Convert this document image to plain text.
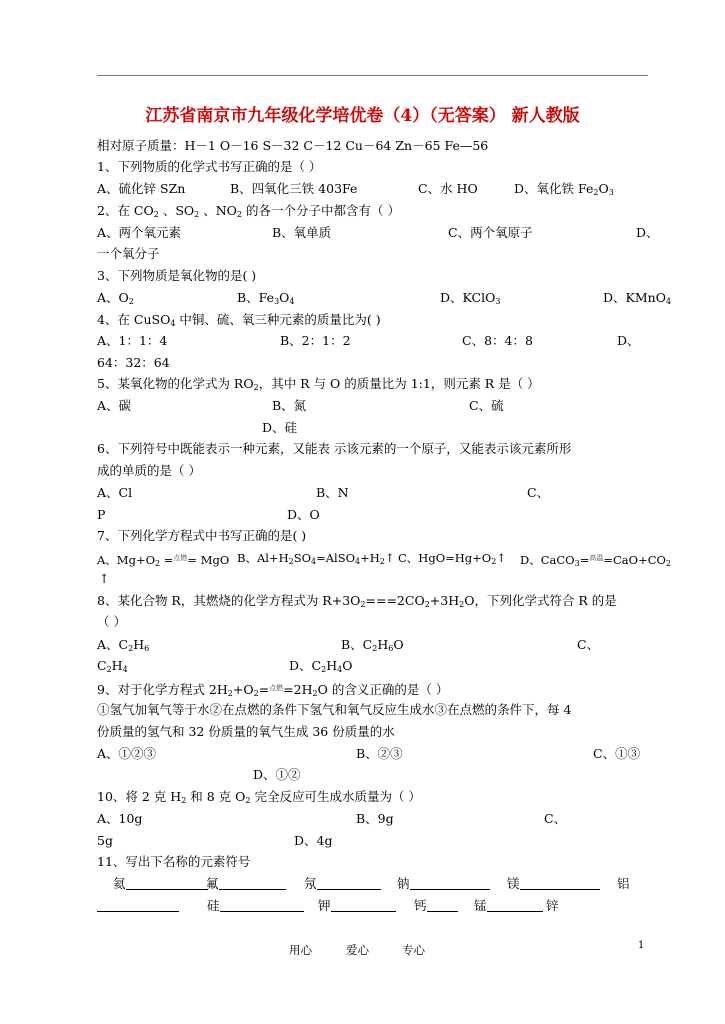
江苏省南京市九年级化学培优卷（4）（无答案） 新人教版
相对原子质量：H－1 O－16 S－32 C－12 Cu－64 Zn－65 Fe—56
1、下列物质的化学式书写正确的是（ ）
A、硫化锌 SZn	B、四氧化三铁 403Fe	C、水 HO	D、氧化铁 $Fe_2O_3$
2、在 $CO_2$ 、$SO_2$ 、$NO_2$ 的各一个分子中都含有（ ）
A、两个氧元素	B、氧单质	C、两个氧原子	D、
一个氧分子
3、下列物质是氧化物的是( )
A、$O_2$	B、$Fe_3O_4$	D、KClO$_3$	D、KMnO$_4$
4、在 CuSO$_4$ 中铜、硫、氧三种元素的质量比为( )
A、1：1：4	B、2：1：2	C、8：4：8	D、
64：32：64
5、某氧化物的化学式为 $RO_2$，其中 R 与 O 的质量比为 1:1，则元素 R 是（ ）
A、碳	B、氮	C、硫
D、硅
6、下列符号中既能表示一种元素，又能表 示该元素的一个原子，又能表示该元素所形
成的单质的是（ ）
A、Cl	B、N	C、
P	D、O
7、下列化学方程式中书写正确的是( )
A、$Mg+O_2 =^{点燃}=$ MgO B、$Al+H_2SO_4=AlSO_4+H_2↑$ C、$HgO=Hg+O_2↑$ D、$CaCO_3=^{高温}=CaO+CO_2$
↑
8、某化合物 R，其燃烧的化学方程式为 $R+3O_2===2CO_2+3H_2O$，下列化学式符合 R 的是
（ ）
A、$C_2H_6$	B、$C_2H_6O$	C、
$C_2H_4$	D、$C_2H_4O$
9、对于化学方程式 $2H_2+O_2=^{点燃}=2H_2O$ 的含义正确的是（ ）
①氢气加氧气等于水②在点燃的条件下氢气和氧气反应生成水③在点燃的条件下，每 4
份质量的氢气和 32 份质量的氧气生成 36 份质量的水
A、①②③	B、②③	C、①③
D、①②
10、将 2 克 $H_2$ 和 8 克 $O_2$ 完全反应可生成水质量为（ ）
A、10g	B、9g	C、
5g	D、4g
11、写出下名称的元素符号
氦	氟	氖	钠	镁	铝
硅	钾	钙	锰	锌
用心	爱心	专心	1
